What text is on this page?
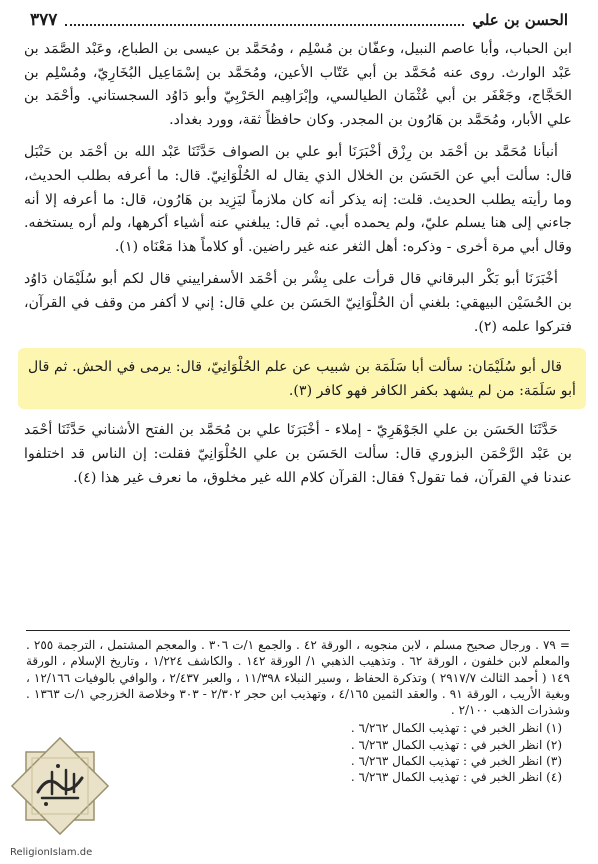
الحسن بن علي
٣٧٧

ابن الحباب، وأبا عاصم النبيل، وعفّان بن مُسْلِم ، ومُحَمَّد بن عيسى بن الطباع، وعَبْد الصَّمَد بن عَبْد الوارث. روى عنه مُحَمَّد بن أبي عَتّاب الأعين، ومُحَمَّد بن إسْمَاعِيل البُخَارِيّ، ومُسْلِم بن الحَجَّاج، وجَعْفَر بن أبي عُثْمَان الطيالسي، وإبْرَاهِيم الحَرْبِيّ وأبو دَاوُد السجستاني. وأحْمَد بن علي الأبار، ومُحَمَّد بن هَارُون بن المجدر. وكان حافظاً ثقة، وورد بغداد.

أنبأنا مُحَمَّد بن أحْمَد بن رِزْق أخْبَرَنَا أبو علي بن الصواف حَدَّثَنَا عَبْد الله بن أحْمَد بن حَنْبَل قال: سألت أبي عن الحَسَن بن الخلال الذي يقال له الحُلْوَانِيّ. قال: ما أعرفه بطلب الحديث، وما رأيته يطلب الحديث. قلت: إنه يذكر أنه كان ملازماً ليَزِيد بن هَارُون، قال: ما أعرفه إلا أنه جاءني إلى هنا يسلم عليّ، ولم يحمده أبي. ثم قال: يبلغني عنه أشياء أكرهها، ولم أره يستخفه. وقال أبي مرة أخرى - وذكره: أهل الثغر عنه غير راضين. أو كلاماً هذا مَعْنَاه (١).

أخْبَرَنَا أبو بَكْر البرقاني قال قرأت على بِشْر بن أحْمَد الأسفراييني قال لكم أبو سُلَيْمَان دَاوُد بن الحُسَيْن البيهقي: بلغني أن الحُلْوَانِيّ الحَسَن بن علي قال: إني لا أكفر من وقف في القرآن، فتركوا علمه (٢).

قال أبو سُلَيْمَان: سألت أبا سَلَمَة بن شبيب عن علم الحُلْوَانِيّ، قال: يرمى في الحش. ثم قال أبو سَلَمَة: من لم يشهد بكفر الكافر فهو كافر (٣).

حَدَّثَنَا الحَسَن بن علي الجَوْهَرِيّ - إملاء - أخْبَرَنَا علي بن مُحَمَّد بن الفتح الأشناني حَدَّثَنَا أحْمَد بن عَبْد الرَّحْمَن البزوري قال: سألت الحَسَن بن علي الحُلْوَانِيّ فقلت: إن الناس قد اختلفوا عندنا في القرآن، فما تقول؟ فقال: القرآن كلام الله غير مخلوق، ما نعرف غير هذا (٤).

= ٧٩ . ورجال صحيح مسلم ، لابن منجويه ، الورقة ٤٢ . والجمع ١/ت ٣٠٦ . والمعجم المشتمل ، الترجمة ٢٥٥ . والمعلم لابن خلفون ، الورقة ٦٢ . وتذهيب الذهبي ١/ الورقة ١٤٢ . والكاشف ١/٢٢٤ ، وتاريخ الإسلام ، الورقة ١٤٩ ( أحمد الثالث ٢٩١٧/٧ ) وتذكرة الحفاظ ، وسير النبلاء ١١/٣٩٨ ، والعبر ٢/٤٣٧ ، والوافي بالوفيات ١٢/١٦٦ ، وبغية الأريب ، الورقة ٩١ . والعقد الثمين ٤/١٦٥ ، وتهذيب ابن حجر ٢/٣٠٢ - ٣٠٣ وخلاصة الخزرجي ١/ت ١٣٦٣ . وشذرات الذهب ٢/١٠٠ .

(١) انظر الخبر في : تهذيب الكمال ٦/٢٦٢ .

(٢) انظر الخبر في : تهذيب الكمال ٦/٢٦٣ .

(٣) انظر الخبر في : تهذيب الكمال ٦/٢٦٣ .

(٤) انظر الخبر في : تهذيب الكمال ٦/٢٦٣ .

ReligionIslam.de
